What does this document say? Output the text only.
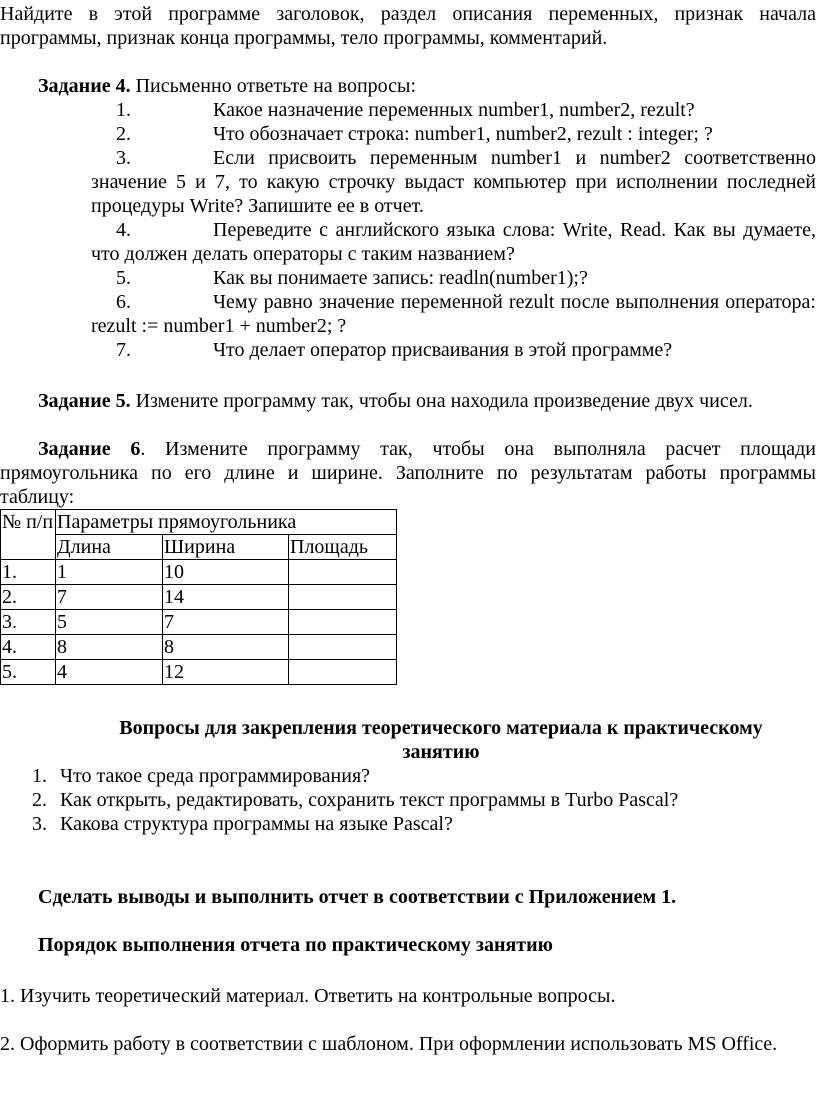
Найдите в этой программе заголовок, раздел описания переменных, признак начала
программы, признак конца программы, тело программы, комментарий.
Задание 4. Письменно ответьте на вопросы:
1.	Какое назначение переменных number1, number2, rezult?
2.	Что обозначает строка: number1, number2, rezult : integer; ?
3.	Если присвоить переменным number1 и number2 соответственно
значение 5 и 7, то какую строчку выдаст компьютер при исполнении последней
процедуры Write? Запишите ее в отчет.
4.	Переведите с английского языка слова: Write, Read. Как вы думаете,
что должен делать операторы с таким названием?
5.	Как вы понимаете запись: readln(number1);?
6.	Чему равно значение переменной rezult после выполнения оператора:
rezult := number1 + number2; ?
7.	Что делает оператор присваивания в этой программе?
Задание 5. Измените программу так, чтобы она находила произведение двух чисел.
Задание 6. Измените программу так, чтобы она выполняла расчет площади
прямоугольника по его длине и ширине. Заполните по результатам работы программы
таблицу:
№ п/п	Параметры прямоугольника		
	Длина	Ширина	Площадь
1.	1	10	
2.	7	14	
3.	5	7	
4.	8	8	
5.	4	12	
Вопросы для закрепления теоретического материала к практическому
занятию
1. Что такое среда программирования?
2. Как открыть, редактировать, сохранить текст программы в Turbo Pascal?
3. Какова структура программы на языке Pascal?
Сделать выводы и выполнить отчет в соответствии с Приложением 1.
Порядок выполнения отчета по практическому занятию
1. Изучить теоретический материал. Ответить на контрольные вопросы.
2. Оформить работу в соответствии с шаблоном. При оформлении использовать MS Office.
